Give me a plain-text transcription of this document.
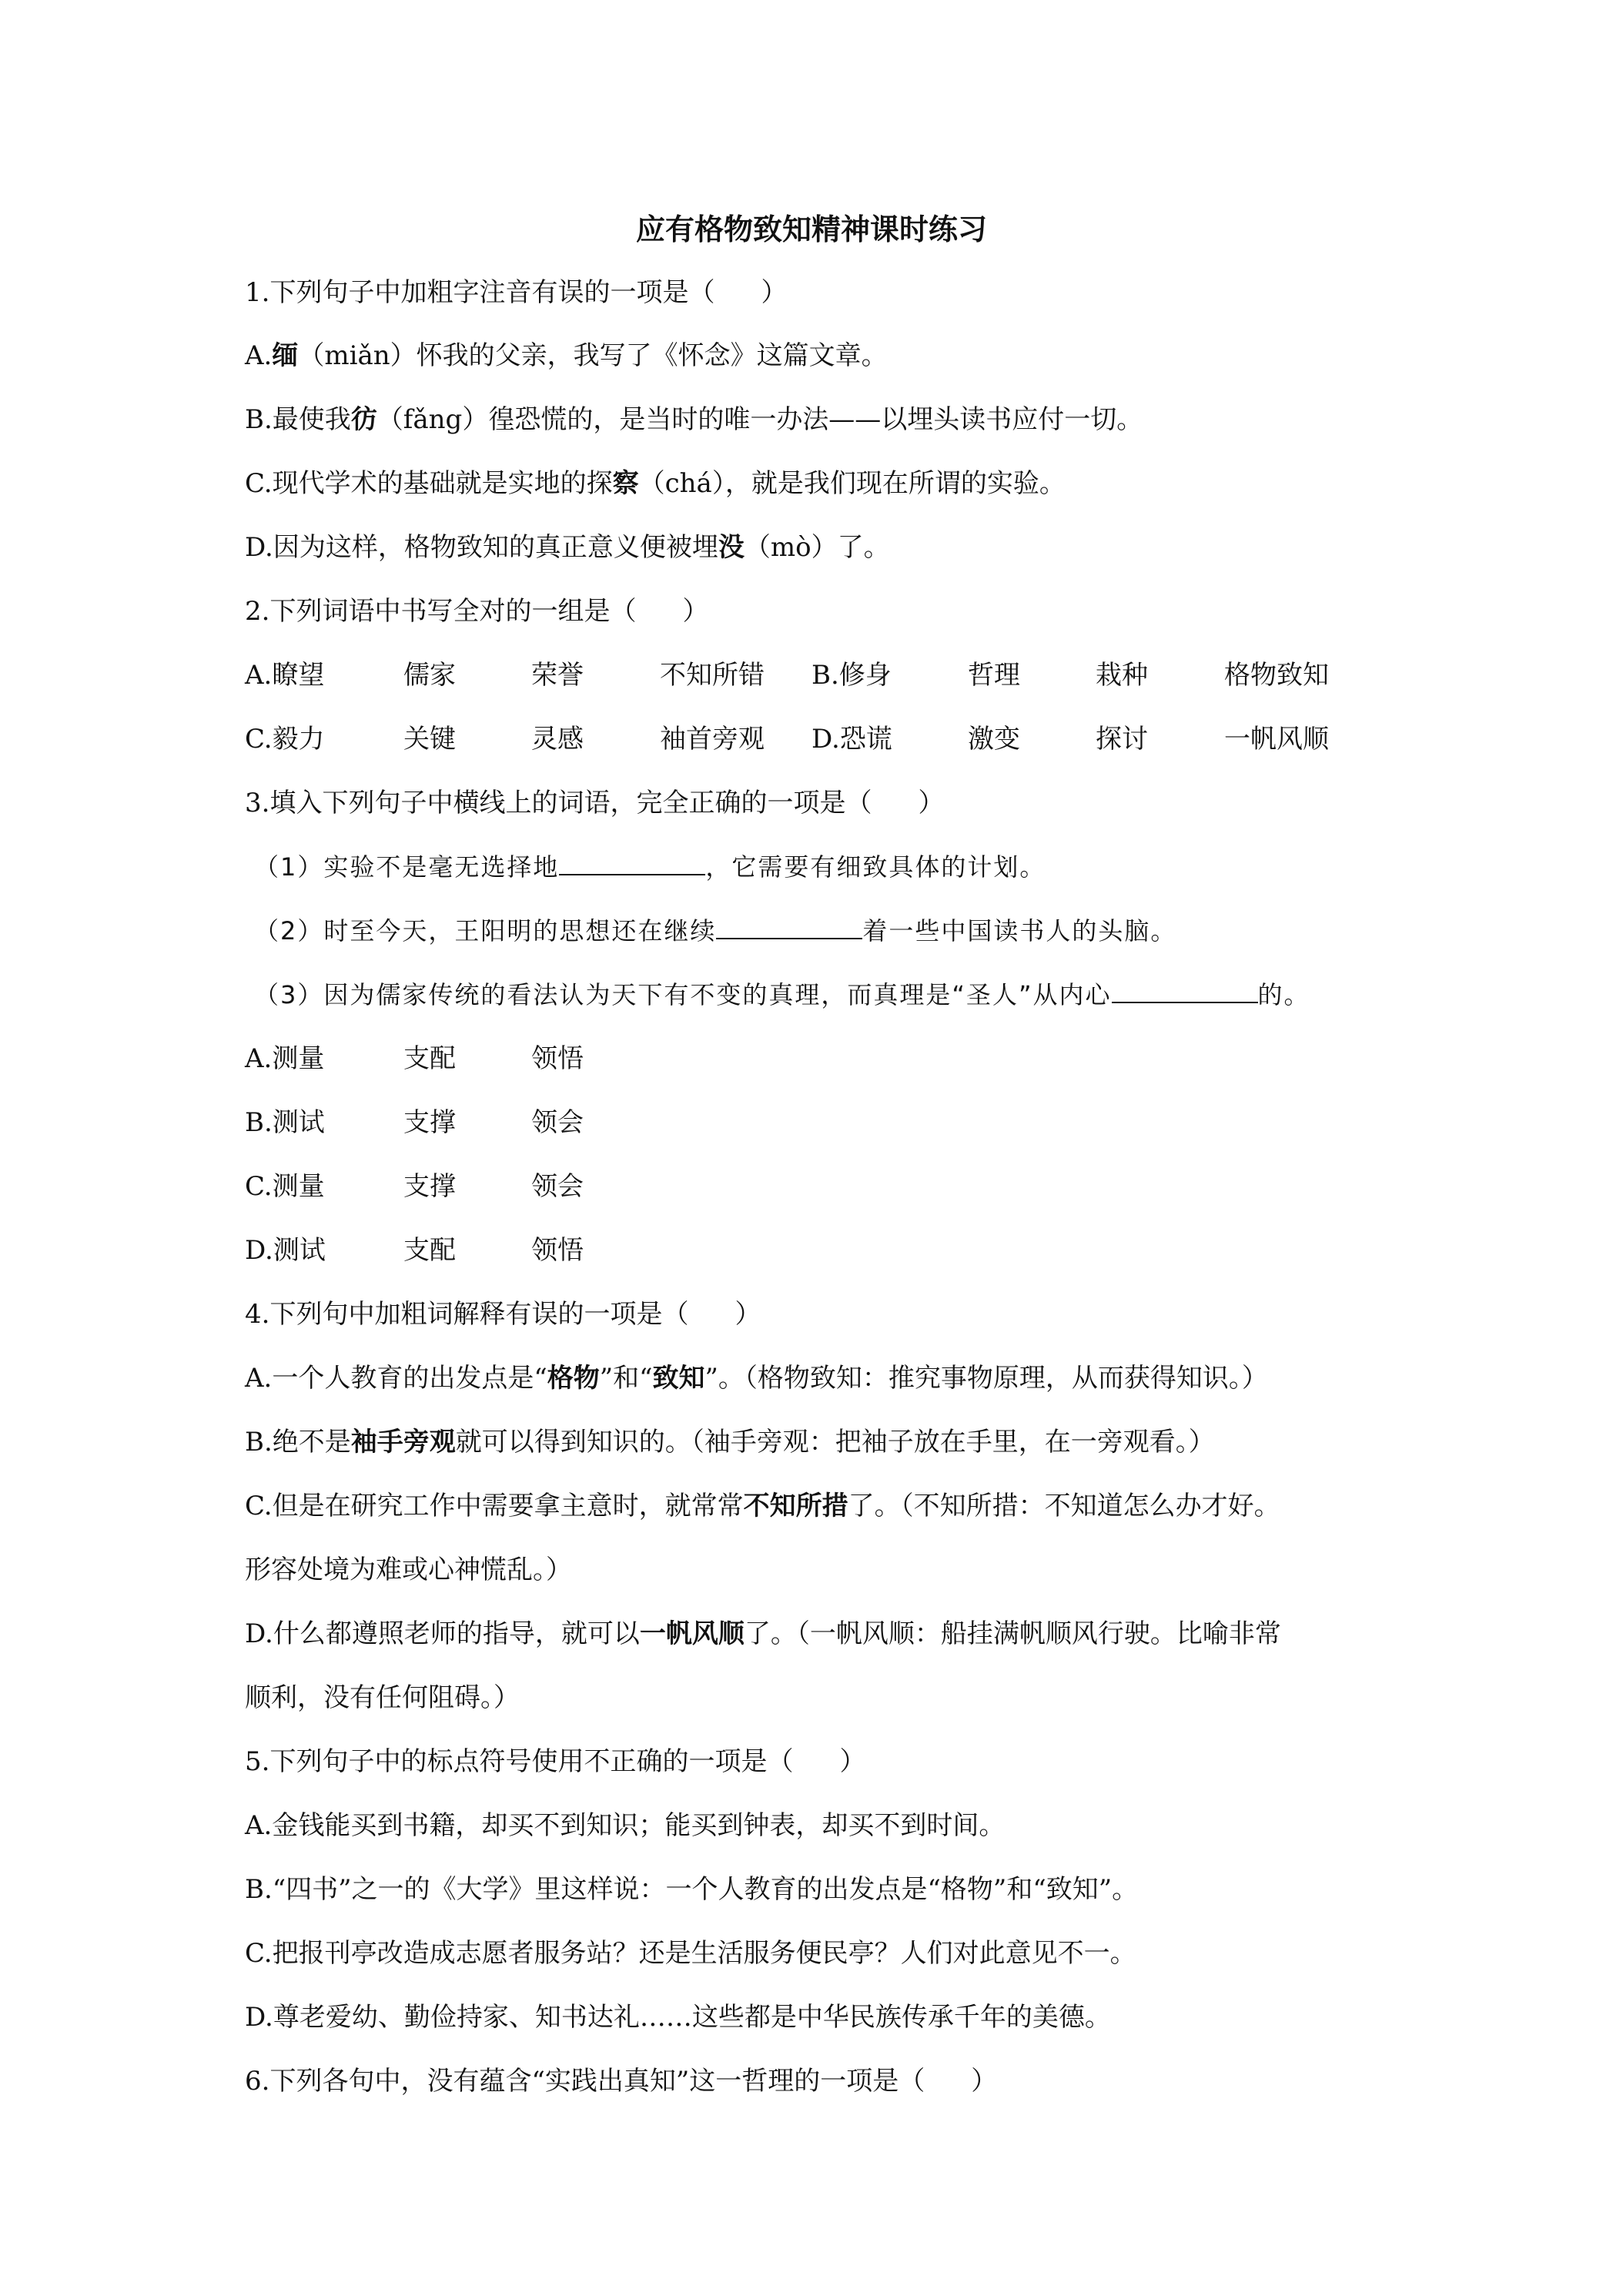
应有格物致知精神课时练习
1.下列句子中加粗字注音有误的一项是（ ）
A.缅（miǎn）怀我的父亲，我写了《怀念》这篇文章。
B.最使我彷（fǎng）徨恐慌的，是当时的唯一办法——以埋头读书应付一切。
C.现代学术的基础就是实地的探察（chá），就是我们现在所谓的实验。
D.因为这样，格物致知的真正意义便被埋没（mò）了。
2.下列词语中书写全对的一组是（ ）
A.瞭望	儒家	荣誉	不知所错 B.修身	哲理	栽种	格物致知
C.毅力	关键	灵感	袖首旁观 D.恐谎	激变	探讨	一帆风顺
3.填入下列句子中横线上的词语，完全正确的一项是（ ）
（1）实验不是毫无选择地	，它需要有细致具体的计划。
（2）时至今天，王阳明的思想还在继续	着一些中国读书人的头脑。
（3）因为儒家传统的看法认为天下有不变的真理，而真理是“圣人”从内心	的。
A.测量	支配	领悟
B.测试	支撑	领会
C.测量	支撑	领会
D.测试	支配	领悟
4.下列句中加粗词解释有误的一项是（ ）
A.一个人教育的出发点是“格物”和“致知”。（格物致知：推究事物原理，从而获得知识。）
B.绝不是袖手旁观就可以得到知识的。（袖手旁观：把袖子放在手里，在一旁观看。）
C.但是在研究工作中需要拿主意时，就常常不知所措了。（不知所措：不知道怎么办才好。
形容处境为难或心神慌乱。）
D.什么都遵照老师的指导，就可以一帆风顺了。（一帆风顺：船挂满帆顺风行驶。比喻非常
顺利，没有任何阻碍。）
5.下列句子中的标点符号使用不正确的一项是（ ）
A.金钱能买到书籍，却买不到知识；能买到钟表，却买不到时间。
B.“四书”之一的《大学》里这样说：一个人教育的出发点是“格物”和“致知”。
C.把报刊亭改造成志愿者服务站？还是生活服务便民亭？人们对此意见不一。
D.尊老爱幼、勤俭持家、知书达礼……这些都是中华民族传承千年的美德。
6.下列各句中，没有蕴含“实践出真知”这一哲理的一项是（ ）
